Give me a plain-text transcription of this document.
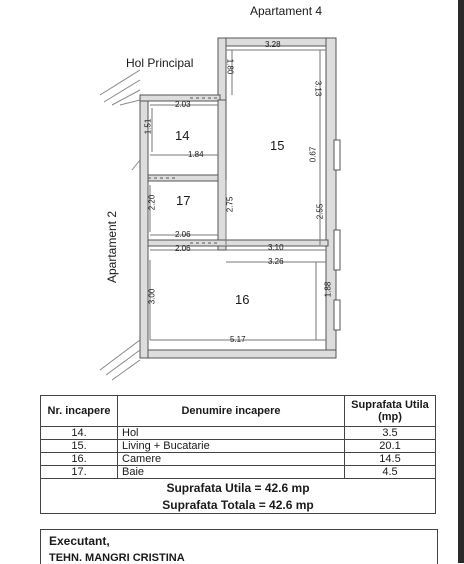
Apartament 4
Hol Principal
Apartament 2
14
15
16
17
3.28
1.80
3.13
2.03
1.51
1.84	0.67
2.20	2.75	2.55
2.06
3.10
2.06
3.26
3.00	1.88
5.17
Nr. incapere	Denumire incapere	Suprafata Utila (mp)
14.	Hol	3.5
15.	Living + Bucatarie	20.1
16.	Camere	14.5
17.	Baie	4.5
Suprafata Utila = 42.6 mp		
Suprafata Totala = 42.6 mp		
Executant,
TEHN. MANGRI CRISTINA
